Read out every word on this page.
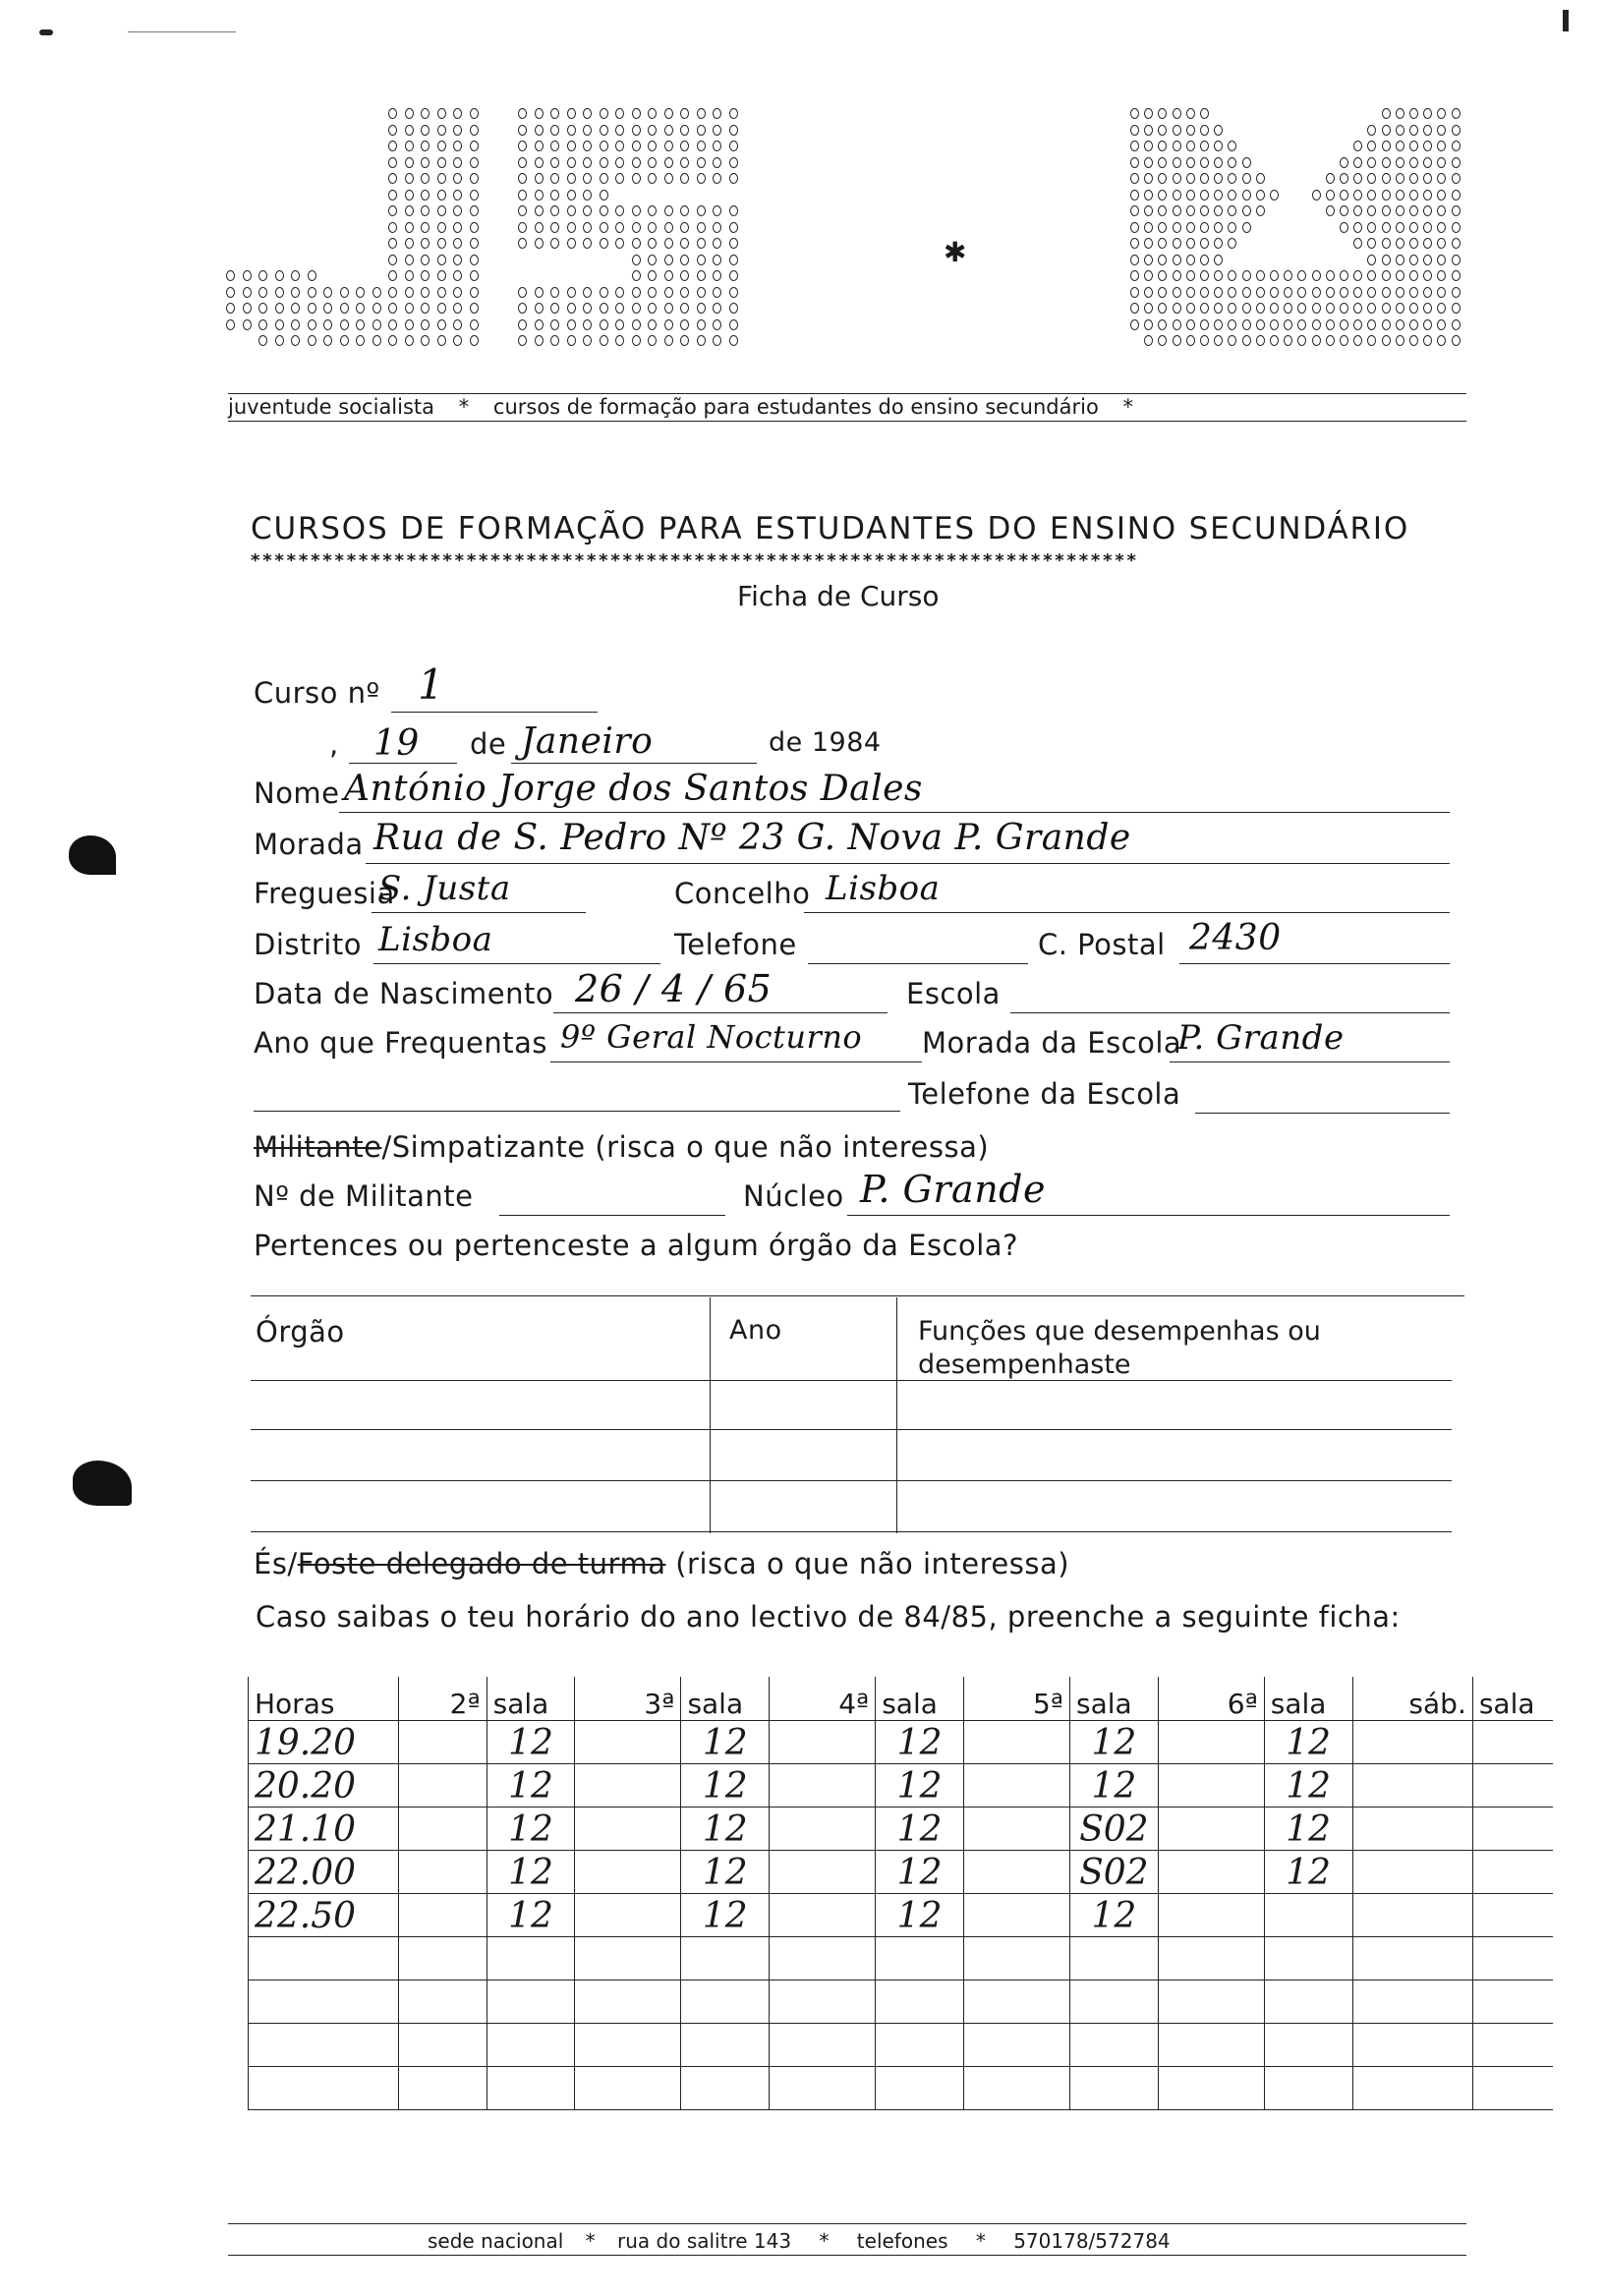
✱
juventude socialista * cursos de formação para estudantes do ensino secundário *
CURSOS DE FORMAÇÃO PARA ESTUDANTES DO ENSINO SECUNDÁRIO
**************************************************************************
Ficha de Curso
Curso nº 1
, 19 de Janeiro	de 1984
Nome António Jorge dos Santos Dales
Morada Rua de S. Pedro Nº 23 G. Nova P. Grande
Freguesia
S. Justa	Concelho Lisboa
Distrito Lisboa	Telefone	C. Postal 2430
Data de Nascimento 26 / 4 / 65	Escola
Ano que Frequentas 9º Geral Nocturno Morada da Escola
P. Grande
Telefone da Escola
Militante/Simpatizante (risca o que não interessa)
Nº de Militante	Núcleo P. Grande
Pertences ou pertenceste a algum órgão da Escola?
Órgão	Ano	Funções que desempenhas ou desempenhaste
És/Foste delegado de turma (risca o que não interessa)
Caso saibas o teu horário do ano lectivo de 84/85, preenche a seguinte ficha:
Horas	2ª	sala	3ª	sala	4ª	sala	5ª	sala	6ª	sala	sáb.	sala
19.20		12		12		12		12		12		
20.20		12		12		12		12		12		
21.10		12		12		12		S02		12		
22.00		12		12		12		S02		12		
22.50		12		12		12		12				

sede nacional * rua do salitre 143 * telefones * 570178/572784
